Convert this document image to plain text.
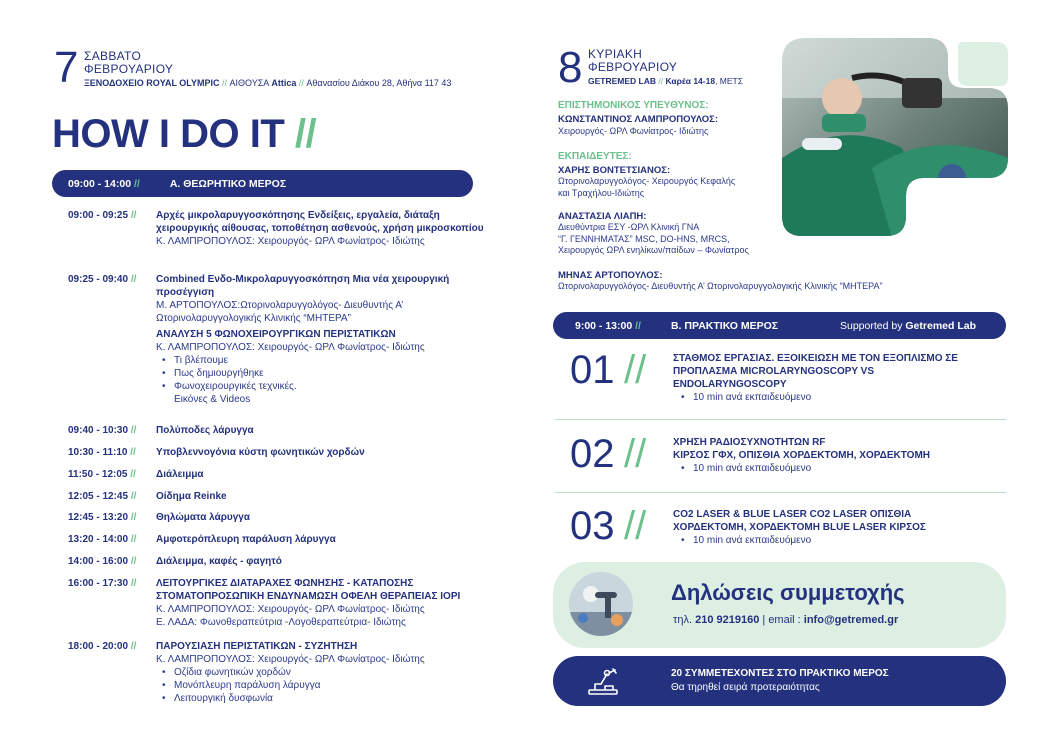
7 ΣΑΒΒΑΤΟ
ΦΕΒΡΟΥΑΡΙΟΥ
ΞΕΝΟΔΟΧΕΙΟ ROYAL OLYMPIC // ΑΙΘΟΥΣΑ Attica // Αθανασίου Διάκου 28, Αθήνα 117 43
HOW I DO IT //
09:00 - 14:00 //	Α. ΘΕΩΡΗΤΙΚΟ ΜΕΡΟΣ
09:00 - 09:25 // Αρχές μικρολαρυγγοσκόπησης Ενδείξεις, εργαλεία, διάταξη χειρουργικής αίθουσας, τοποθέτηση ασθενούς, χρήση μικροσκοπίου
Κ. ΛΑΜΠΡΟΠΟΥΛΟΣ: Χειρουργός- ΩΡΛ Φωνίατρος- Ιδιώτης
09:25 - 09:40 // Combined Ενδο-Μικρολαρυγγοσκόπηση Μια νέα χειρουργική προσέγγιση
Μ. ΑΡΤΟΠΟΥΛΟΣ:Ωτορινολαρυγγολόγος- Διευθυντής Α’ Ωτορινολαρυγγολογικής Κλινικής “ΜΗΤΕΡΑ”
ΑΝΑΛΥΣΗ 5 ΦΩΝΟΧΕΙΡΟΥΡΓΙΚΩΝ ΠΕΡΙΣΤΑΤΙΚΩΝ
Κ. ΛΑΜΠΡΟΠΟΥΛΟΣ: Χειρουργός- ΩΡΛ Φωνίατρος- Ιδιώτης
• Τι βλέπουμε
• Πως δημιουργήθηκε
• Φωνοχειρουργικές τεχνικές. Εικόνες & Videos
09:40 - 10:30 // Πολύποδες λάρυγγα
10:30 - 11:10 // Υποβλεννογόνια κύστη φωνητικών χορδών
11:50 - 12:05 // Διάλειμμα
12:05 - 12:45 // Οίδημα Reinke
12:45 - 13:20 // Θηλώματα λάρυγγα
13:20 - 14:00 // Αμφοτερόπλευρη παράλυση λάρυγγα
14:00 - 16:00 // Διάλειμμα, καφές - φαγητό
16:00 - 17:30 // ΛΕΙΤΟΥΡΓΙΚΕΣ ΔΙΑΤΑΡΑΧΕΣ ΦΩΝΗΣΗΣ - ΚΑΤΑΠΟΣΗΣ ΣΤΟΜΑΤΟΠΡΟΣΩΠΙΚΗ ΕΝΔΥΝΑΜΩΣΗ ΟΦΕΛΗ ΘΕΡΑΠΕΙΑΣ IOPI
Κ. ΛΑΜΠΡΟΠΟΥΛΟΣ: Χειρουργός- ΩΡΛ Φωνίατρος- Ιδιώτης
Ε. ΛΑΔΑ: Φωνοθεραπεύτρια -Λογοθεραπεύτρια- Ιδιώτης
18:00 - 20:00 // ΠΑΡΟΥΣΙΑΣΗ ΠΕΡΙΣΤΑΤΙΚΩΝ - ΣΥΖΗΤΗΣΗ
Κ. ΛΑΜΠΡΟΠΟΥΛΟΣ: Χειρουργός- ΩΡΛ Φωνίατρος- Ιδιώτης
• Οζίδια φωνητικών χορδών
• Μονόπλευρη παράλυση λάρυγγα
• Λειτουργική δυσφωνία
8 ΚΥΡΙΑΚΗ
ΦΕΒΡΟΥΑΡΙΟΥ
GETREMED LAB // Καρέα 14-18, ΜΕΤΣ
ΕΠΙΣΤΗΜΟΝΙΚΟΣ ΥΠΕΥΘΥΝΟΣ:
ΚΩΝΣΤΑΝΤΙΝΟΣ ΛΑΜΠΡΟΠΟΥΛΟΣ:
Χειρουργός- ΩΡΛ Φωνίατρος- Ιδιώτης
ΕΚΠΑΙΔΕΥΤΕΣ:
ΧΑΡΗΣ ΒΟΝΤΕΤΣΙΑΝΟΣ:
Ωτορινολαρυγγολόγος- Χειρουργός Κεφαλής
και Τραχήλου-Ιδιώτης
ΑΝΑΣΤΑΣΙΑ ΛΙΑΠΗ:
Διευθύντρια ΕΣΥ -ΩΡΛ Κλινική ΓΝΑ
“Γ. ΓΕΝΝΗΜΑΤΑΣ” MSC, DO-HNS, MRCS,
Χειρουργός ΩΡΛ ενηλίκων/παίδων – Φωνίατρος
ΜΗΝΑΣ ΑΡΤΟΠΟΥΛΟΣ:
Ωτορινολαρυγγολόγος- Διευθυντής Α’ Ωτορινολαρυγγολογικής Κλινικής “ΜΗΤΕΡΑ”
9:00 - 13:00 //	Β. ΠΡΑΚΤΙΚΟ ΜΕΡΟΣ	Supported by Getremed Lab
01 //	ΣΤΑΘΜΟΣ ΕΡΓΑΣΙΑΣ. ΕΞΟΙΚΕΙΩΣΗ ΜΕ ΤΟΝ ΕΞΟΠΛΙΣΜΟ ΣΕ
ΠΡΟΠΛΑΣΜΑ MICROLARYNGOSCOPY VS
ENDOLARYNGOSCOPY
• 10 min ανά εκπαιδευόμενο
02 //	ΧΡΗΣΗ ΡΑΔΙΟΣΥΧΝΟΤΗΤΩΝ RF
ΚΙΡΣΟΣ ΓΦΧ, ΟΠΙΣΘΙΑ ΧΟΡΔΕΚΤΟΜΗ, ΧΟΡΔΕΚΤΟΜΗ
• 10 min ανά εκπαιδευόμενο
03 //	CO2 LASER & BLUE LASER CO2 LASER ΟΠΙΣΘΙΑ
ΧΟΡΔΕΚΤΟΜΗ, ΧΟΡΔΕΚΤΟΜΗ BLUE LASER ΚΙΡΣΟΣ
• 10 min ανά εκπαιδευόμενο
Δηλώσεις συμμετοχής
τηλ. 210 9219160 | email : info@getremed.gr
20 ΣΥΜΜΕΤΕΧΟΝΤΕΣ ΣΤΟ ΠΡΑΚΤΙΚΟ ΜΕΡΟΣ
Θα τηρηθεί σειρά προτεραιότητας
